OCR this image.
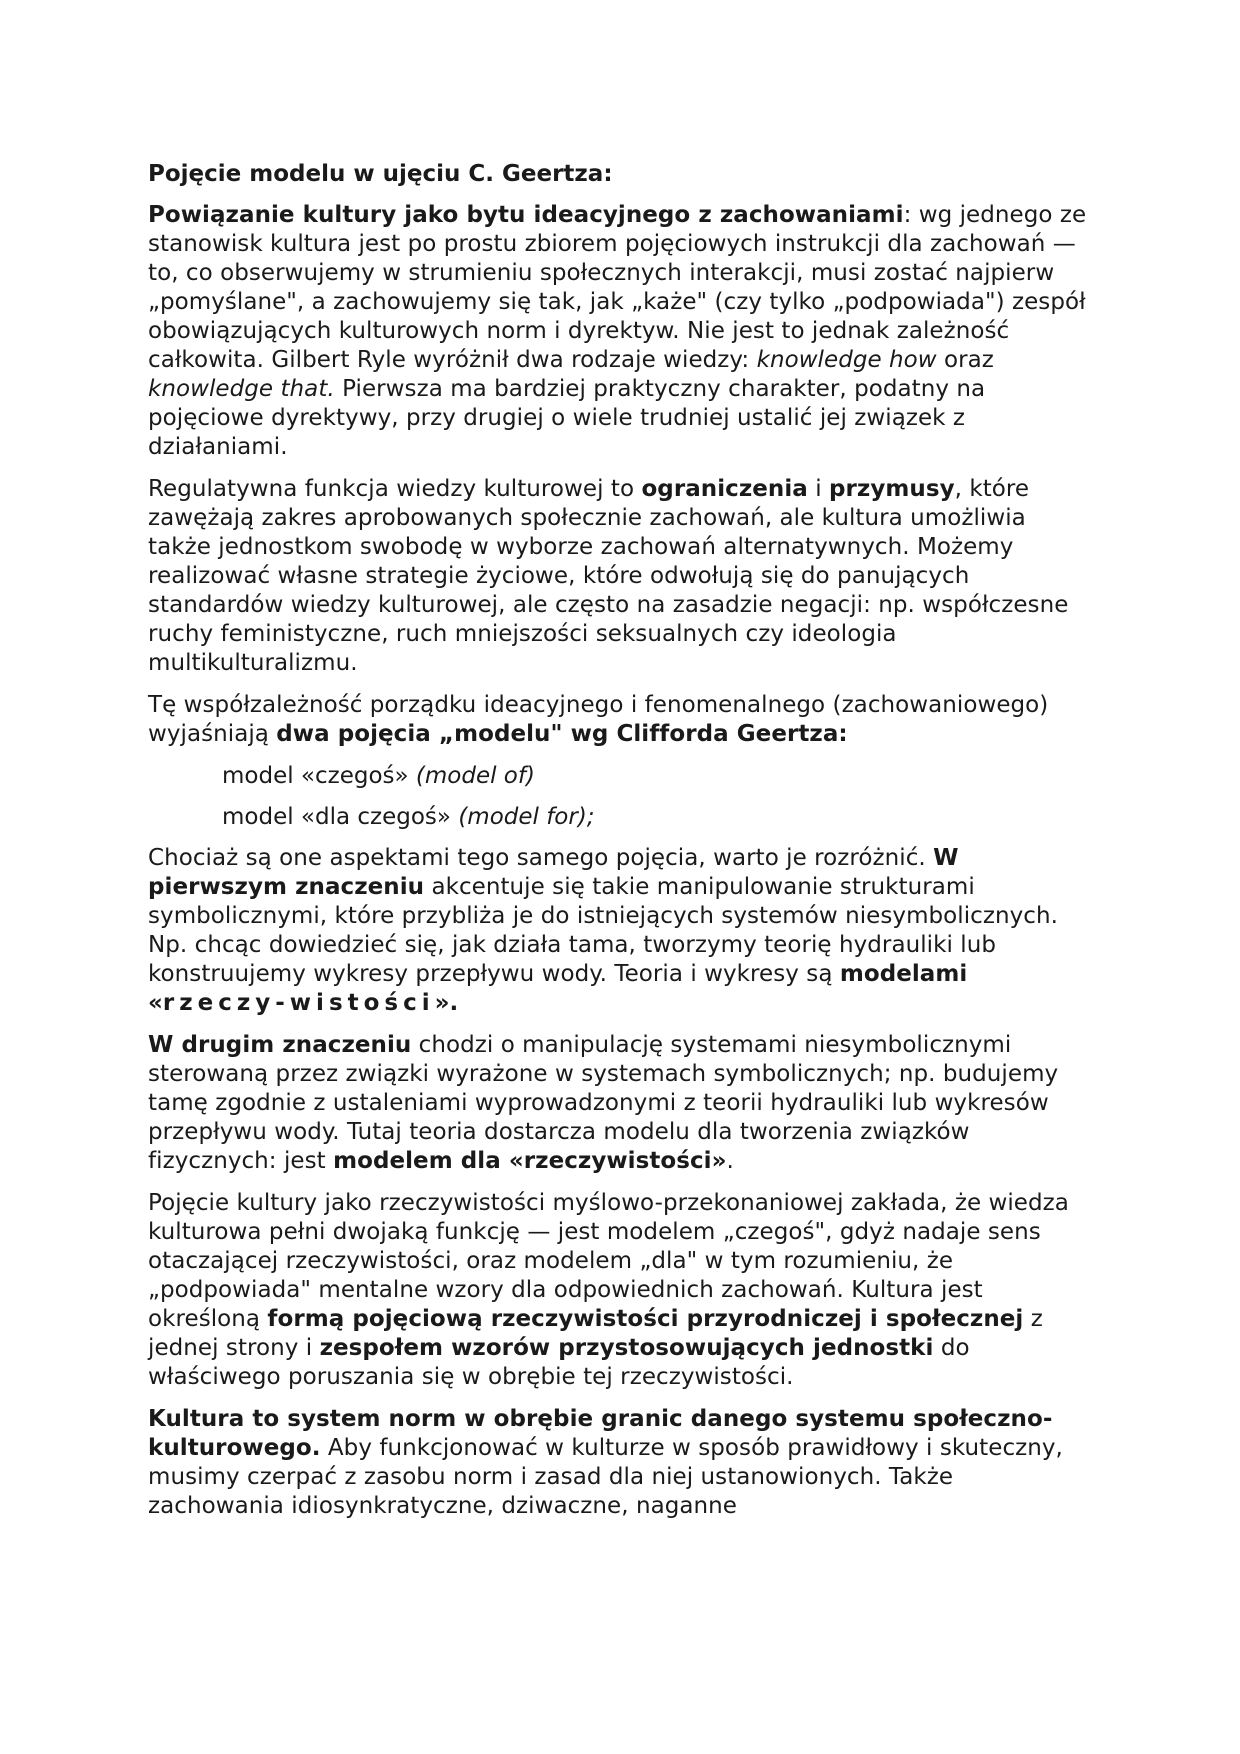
Pojęcie modelu w ujęciu C. Geertza:

Powiązanie kultury jako bytu ideacyjnego z zachowaniami: wg jednego ze stanowisk kultura jest po prostu zbiorem pojęciowych instrukcji dla zachowań — to, co obserwujemy w strumieniu społecznych interakcji, musi zostać najpierw „pomyślane", a zachowujemy się tak, jak „każe" (czy tylko „podpowiada") zespół obowiązujących kulturowych norm i dyrektyw. Nie jest to jednak zależność całkowita. Gilbert Ryle wyróżnił dwa rodzaje wiedzy: knowledge how oraz knowledge that. Pierwsza ma bardziej praktyczny charakter, podatny na pojęciowe dyrektywy, przy drugiej o wiele trudniej ustalić jej związek z działaniami.

Regulatywna funkcja wiedzy kulturowej to ograniczenia i przymusy, które zawężają zakres aprobowanych społecznie zachowań, ale kultura umożliwia także jednostkom swobodę w wyborze zachowań alternatywnych. Możemy realizować własne strategie życiowe, które odwołują się do panujących standardów wiedzy kulturowej, ale często na zasadzie negacji: np. współczesne ruchy feministyczne, ruch mniejszości seksualnych czy ideologia multikulturalizmu.

Tę współzależność porządku ideacyjnego i fenomenalnego (zachowaniowego) wyjaśniają dwa pojęcia „modelu" wg Clifforda Geertza:

model «czegoś» (model of)

model «dla czegoś» (model for);

Chociaż są one aspektami tego samego pojęcia, warto je rozróżnić. W pierwszym znaczeniu akcentuje się takie manipulowanie strukturami symbolicznymi, które przybliża je do istniejących systemów niesymbolicznych. Np. chcąc dowiedzieć się, jak działa tama, tworzymy teorię hydrauliki lub konstruujemy wykresy przepływu wody. Teoria i wykresy są modelami «rzeczy-wistości».

W drugim znaczeniu chodzi o manipulację systemami niesymbolicznymi sterowaną przez związki wyrażone w systemach symbolicznych; np. budujemy tamę zgodnie z ustaleniami wyprowadzonymi z teorii hydrauliki lub wykresów przepływu wody. Tutaj teoria dostarcza modelu dla tworzenia związków fizycznych: jest modelem dla «rzeczywistości».

Pojęcie kultury jako rzeczywistości myślowo-przekonaniowej zakłada, że wiedza kulturowa pełni dwojaką funkcję — jest modelem „czegoś", gdyż nadaje sens otaczającej rzeczywistości, oraz modelem „dla" w tym rozumieniu, że „podpowiada" mentalne wzory dla odpowiednich zachowań. Kultura jest określoną formą pojęciową rzeczywistości przyrodniczej i społecznej z jednej strony i zespołem wzorów przystosowujących jednostki do właściwego poruszania się w obrębie tej rzeczywistości.

Kultura to system norm w obrębie granic danego systemu społeczno-kulturowego. Aby funkcjonować w kulturze w sposób prawidłowy i skuteczny, musimy czerpać z zasobu norm i zasad dla niej ustanowionych. Także zachowania idiosynkratyczne, dziwaczne, naganne
